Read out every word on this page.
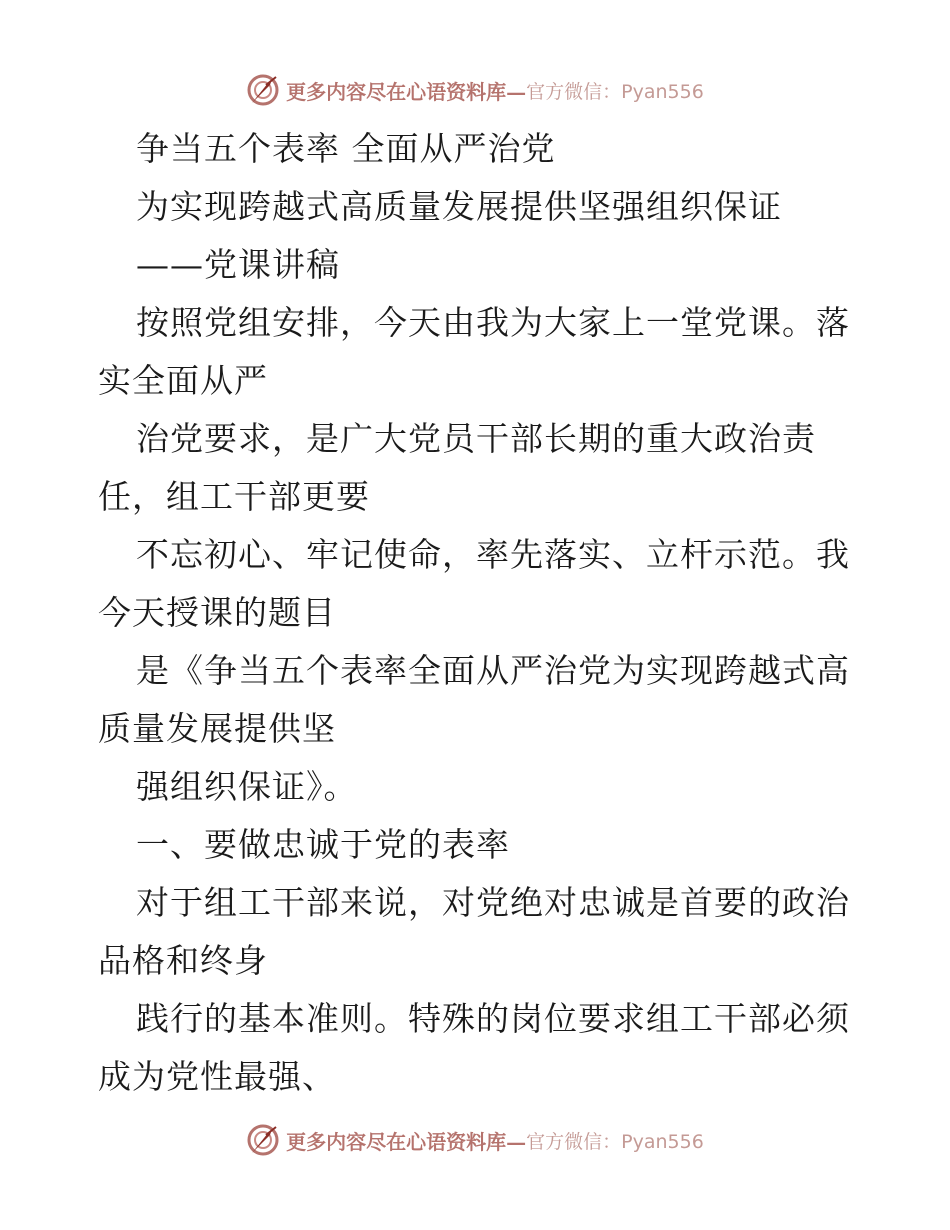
更多内容尽在心语资料库— 官方微信：Pyan556
争当五个表率 全面从严治党
为实现跨越式高质量发展提供坚强组织保证
——党课讲稿
按照党组安排，今天由我为大家上一堂党课。落
实全面从严
治党要求，是广大党员干部长期的重大政治责
任，组工干部更要
不忘初心、牢记使命，率先落实、立杆示范。我
今天授课的题目
是《争当五个表率全面从严治党为实现跨越式高
质量发展提供坚
强组织保证》。
一、要做忠诚于党的表率
对于组工干部来说，对党绝对忠诚是首要的政治
品格和终身
践行的基本准则。特殊的岗位要求组工干部必须
成为党性最强、
更多内容尽在心语资料库— 官方微信：Pyan556
